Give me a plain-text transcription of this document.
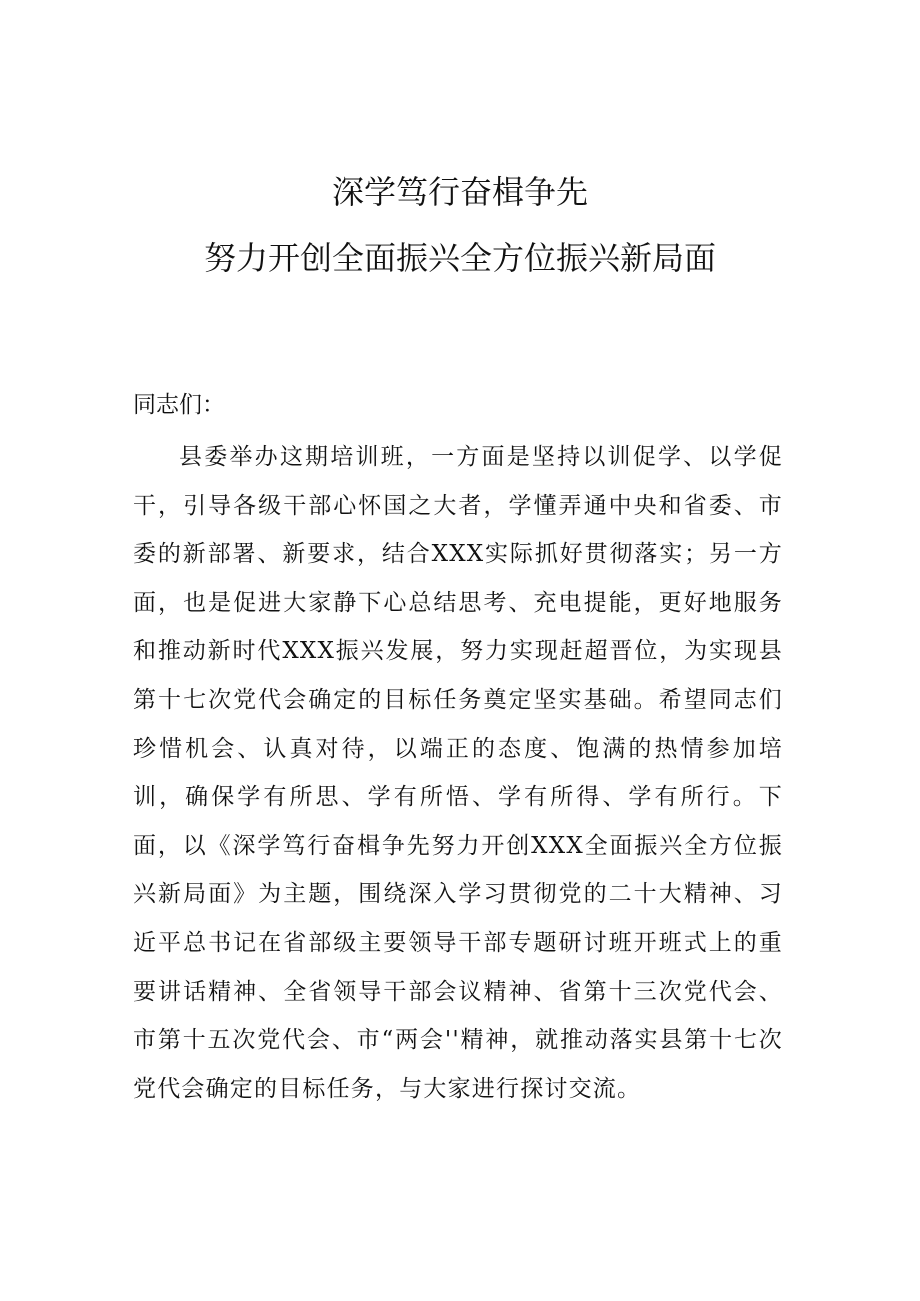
深学笃行奋楫争先
努力开创全面振兴全方位振兴新局面
同志们：
县委举办这期培训班，一方面是坚持以训促学、以学促干，引导各级干部心怀国之大者，学懂弄通中央和省委、市委的新部署、新要求，结合XXX实际抓好贯彻落实；另一方面，也是促进大家静下心总结思考、充电提能，更好地服务和推动新时代XXX振兴发展，努力实现赶超晋位，为实现县第十七次党代会确定的目标任务奠定坚实基础。希望同志们珍惜机会、认真对待，以端正的态度、饱满的热情参加培训，确保学有所思、学有所悟、学有所得、学有所行。下面，以《深学笃行奋楫争先努力开创XXX全面振兴全方位振兴新局面》为主题，围绕深入学习贯彻党的二十大精神、习近平总书记在省部级主要领导干部专题研讨班开班式上的重要讲话精神、全省领导干部会议精神、省第十三次党代会、市第十五次党代会、市“两会''精神，就推动落实县第十七次党代会确定的目标任务，与大家进行探讨交流。
